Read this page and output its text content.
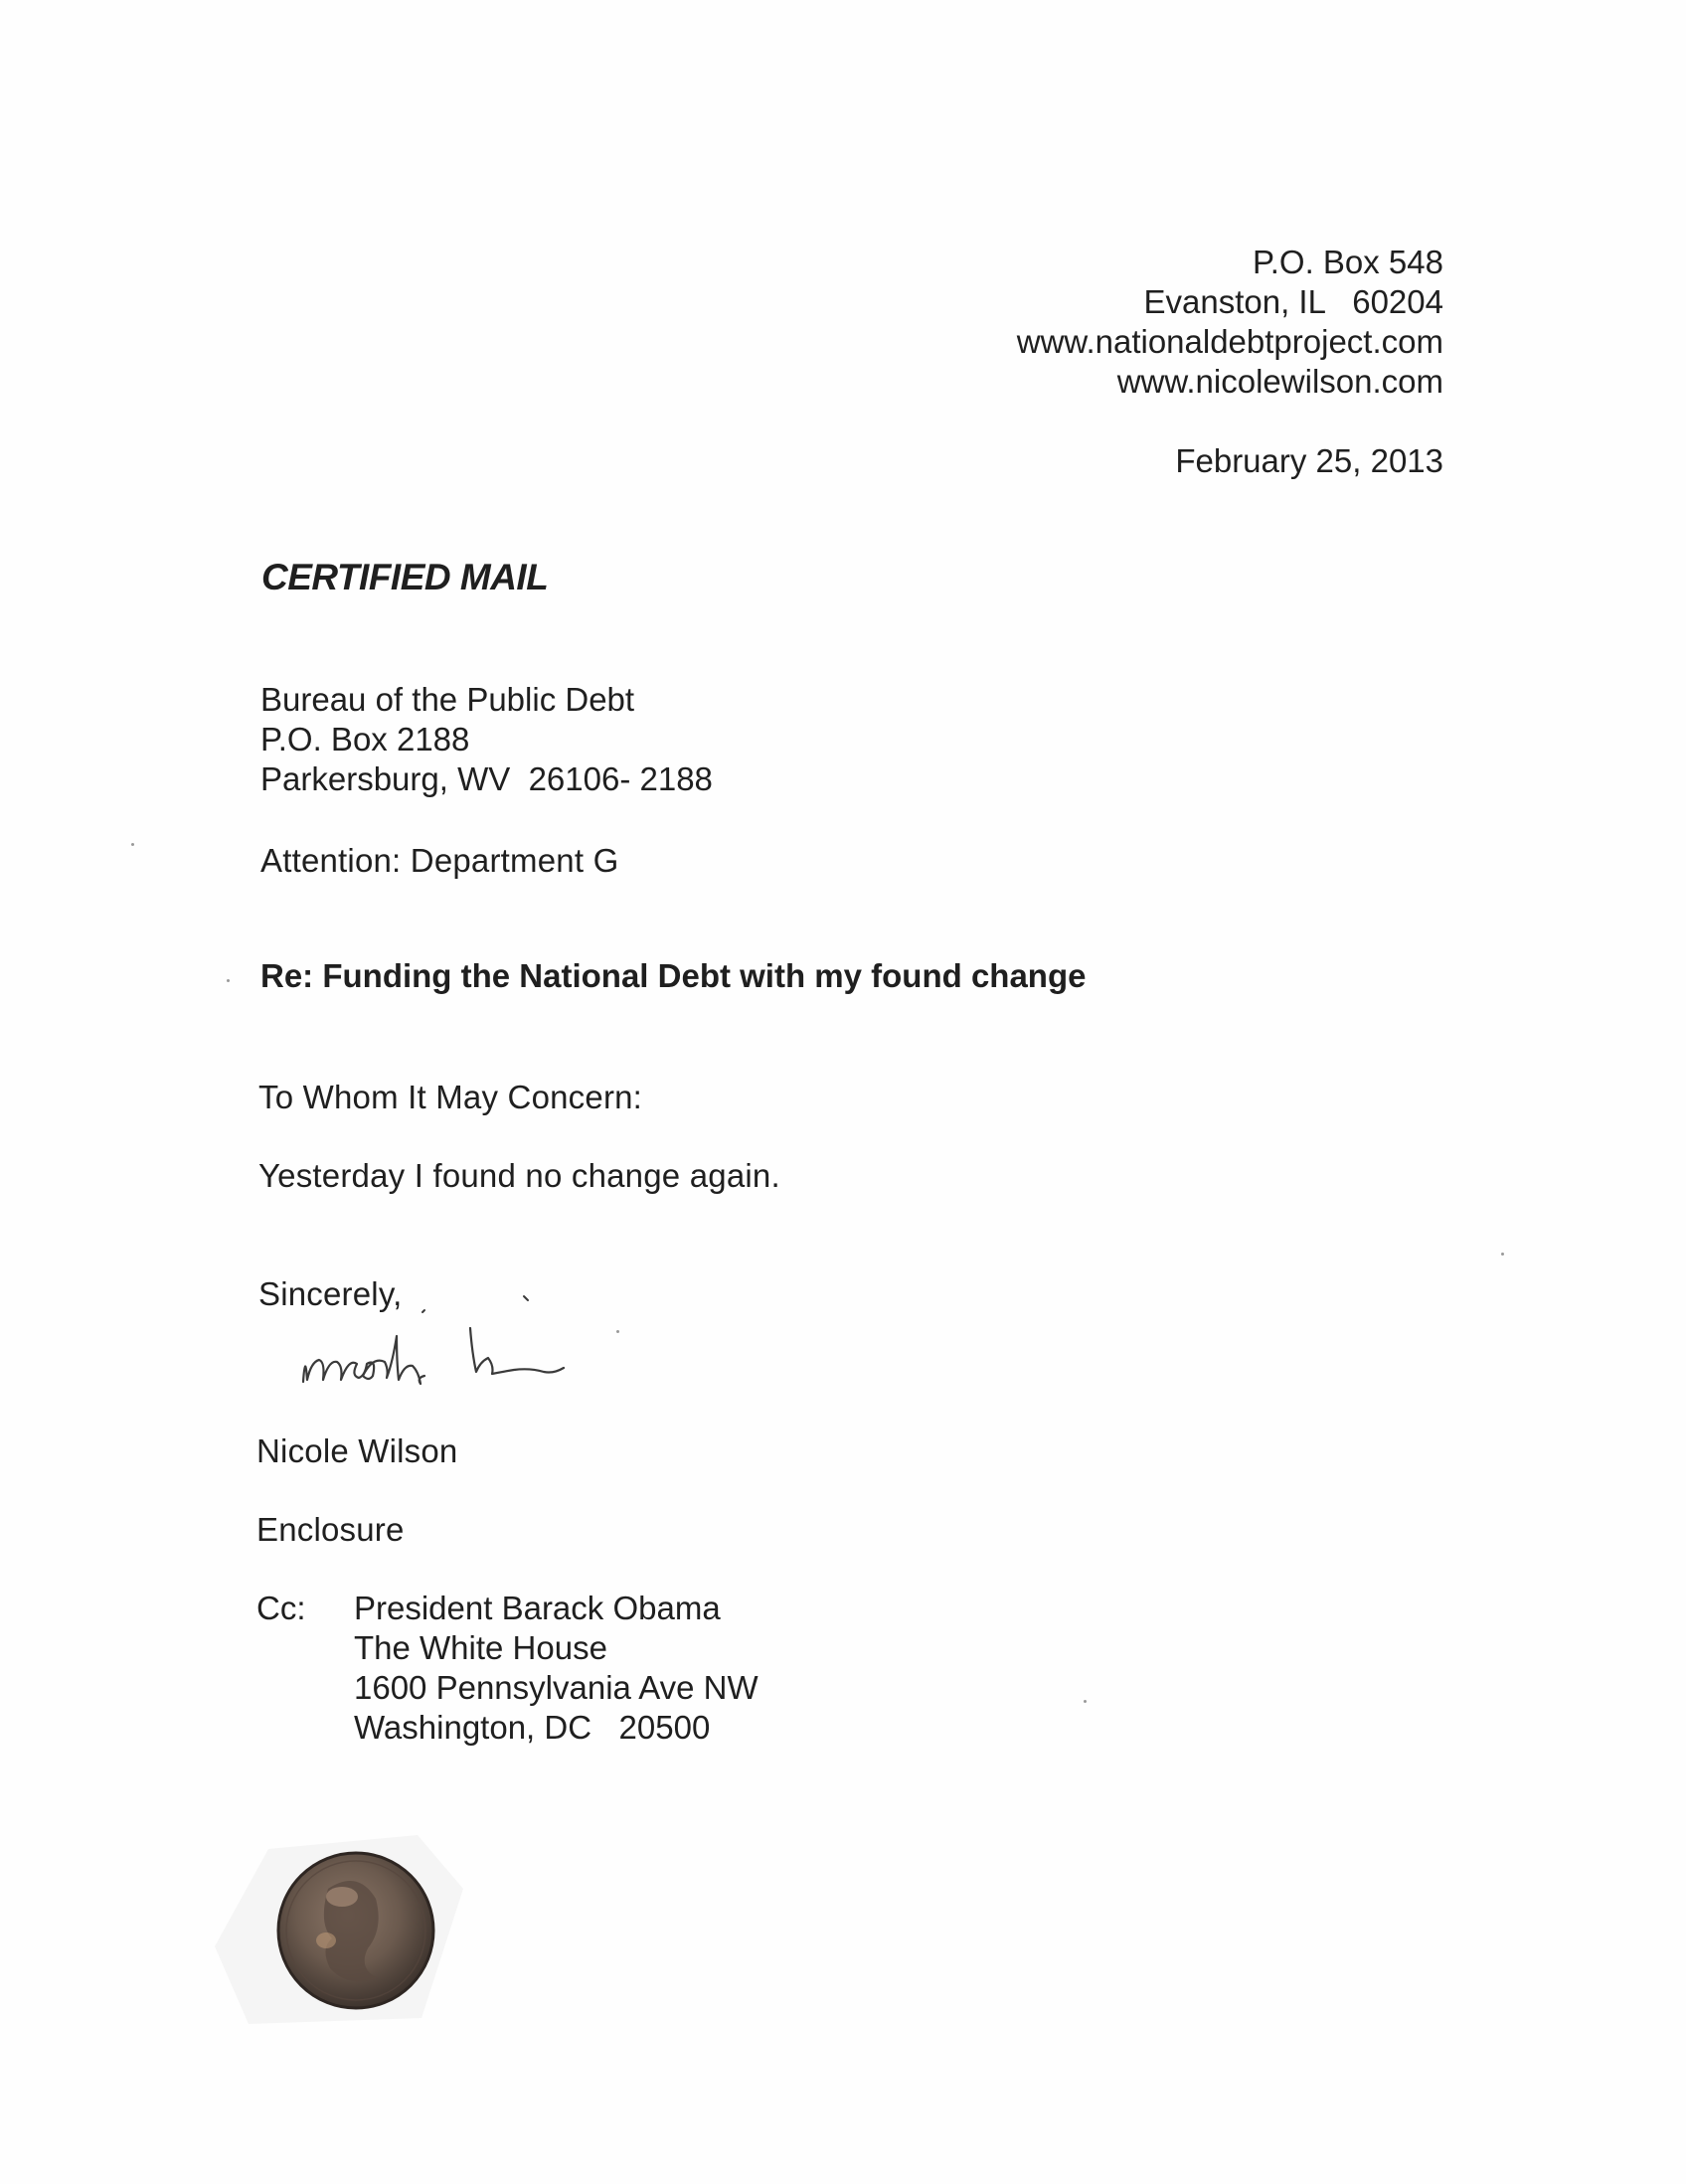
P.O. Box 548
Evanston, IL   60204
www.nationaldebtproject.com
www.nicolewilson.com
February 25, 2013
CERTIFIED MAIL
Bureau of the Public Debt
P.O. Box 2188
Parkersburg, WV  26106- 2188
Attention: Department G
Re: Funding the National Debt with my found change
To Whom It May Concern:
Yesterday I found no change again.
Sincerely,
Nicole Wilson
Enclosure
Cc: President Barack Obama
The White House
1600 Pennsylvania Ave NW
Washington, DC   20500
